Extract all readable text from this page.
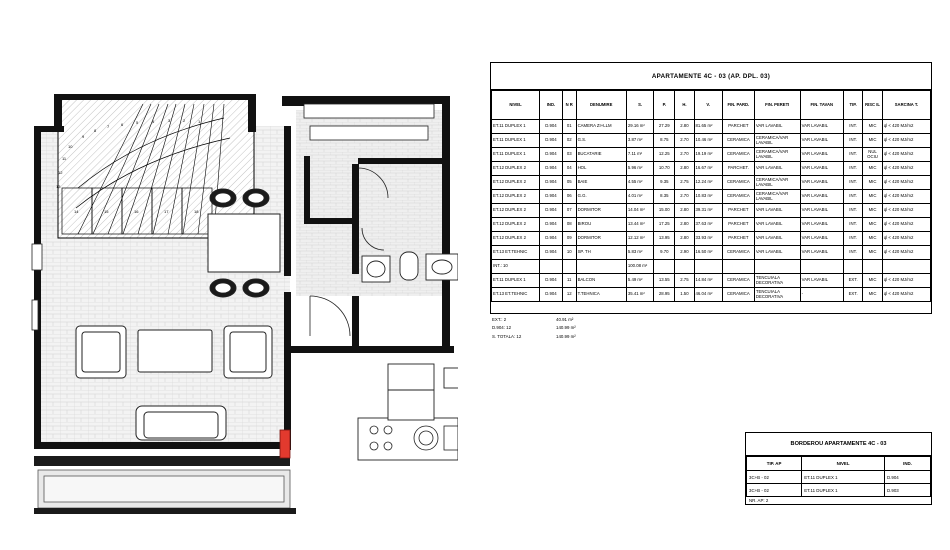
1
2
3
4
5
6
7
8
9
10
11
12
13
14	15	16	17	18
APARTAMENTE 4C - 03 (AP. DPL. 03)
NIVEL	IND.	N R	DENUMIRE	S.	P.	H.	V.	FIN. PARD.	FIN. PERETI	FIN. TAVAN	TIP.	RISC IL	SARCINA T.
ET.11 DUPLEX 1	D.904	01	CAMERA ZI+LLM	29.16 m²	27.29	2.80	81.65 m²	PARCHET	VAR LAVABIL	VAR LAVABIL	INT.	MIC	ql < 420 MJ/m2
ET.11 DUPLEX 1	D.904	02	G.S.	3.87 m²	8.75	2.70	10.46 m²	CERAMICA	CERAMICA/VAR LAVABIL	VAR LAVABIL	INT.	MIC	ql < 420 MJ/m2
ET.11 DUPLEX 1	D.904	03	BUCATARIE	7.11 m²	12.25	2.70	19.19 m²	CERAMICA	CERAMICA/VAR LAVABIL	VAR LAVABIL	INT.	NUL OCIU	ql < 420 MJ/m2
ET.12 DUPLEX 2	D.904	04	HOL	5.96 m²	10.70	2.80	16.67 m²	PARCHET.	VAR LAVABIL	VAR LAVABIL	INT.	MIC	ql < 420 MJ/m2
ET.12 DUPLEX 2	D.904	05	BAIE	4.55 m²	9.35	2.75	12.24 m²	CERAMICA	CERAMICA/VAR LAVABIL	VAR LAVABIL	INT.	MIC	ql < 420 MJ/m2
ET.12 DUPLEX 2	D.904	06	G.G.	4.01 m²	8.35	2.70	10.83 m²	CERAMICA	CERAMICA/VAR LAVABIL	VAR LAVABIL	INT.	MIC	ql < 420 MJ/m2
ET.12 DUPLEX 2	D.904	07	DORMITOR	14.04 m²	15.00	2.80	39.31 m²	PARCHET	VAR LAVABIL	VAR LAVABIL	INT.	MIC	ql < 420 MJ/m2
ET.12 DUPLEX 2	D.904	08	BIROU	13.44 m²	17.25	2.80	37.63 m²	PARCHET	VAR LAVABIL	VAR LAVABIL	INT.	MIC	ql < 420 MJ/m2
ET.12 DUPLEX 2	D.904	09	DORMITOR	12.12 m²	13.95	2.80	33.93 m²	PARCHET	VAR LAVABIL	VAR LAVABIL	INT.	MIC	ql < 420 MJ/m2
ET.13 ET.TEHNIC	D.904	10	SP. TH	5.83 m²	9.70	2.90	16.50 m²	CERAMICA	VAR LAVABIL	VAR LAVABIL	INT.	MIC	ql < 420 MJ/m2
INT.: 10				100.08 m²									
ET.11 DUPLEX 1	D.904	11	BALCON	5.49 m²	13.55	2.75	14.84 m²	CERAMICA	TENCUIALA DECORATIVA	VAR LAVABIL	EXT.	MIC	ql < 420 MJ/m2
ET.13 ET.TEHNIC	D.904	12	T.TEHNICA	35.41 m²	28.95	1.50	46.04 m²	CERAMICA	TENCUIALA DECORATIVA	-	EXT.	MIC	ql < 420 MJ/m2
EXT.: 2	40.91 m²
D.904: 12	140.99 m²
S. TOTALA: 12	140.99 m²
BORDEROU APARTAMENTE 4C - 03
TIP. AP	NIVEL	IND.
3C+B - 02	ET.11 DUPLEX 1	D.904
3C+B - 02	ET.11 DUPLEX 1	D.903
NR. AP: 2
